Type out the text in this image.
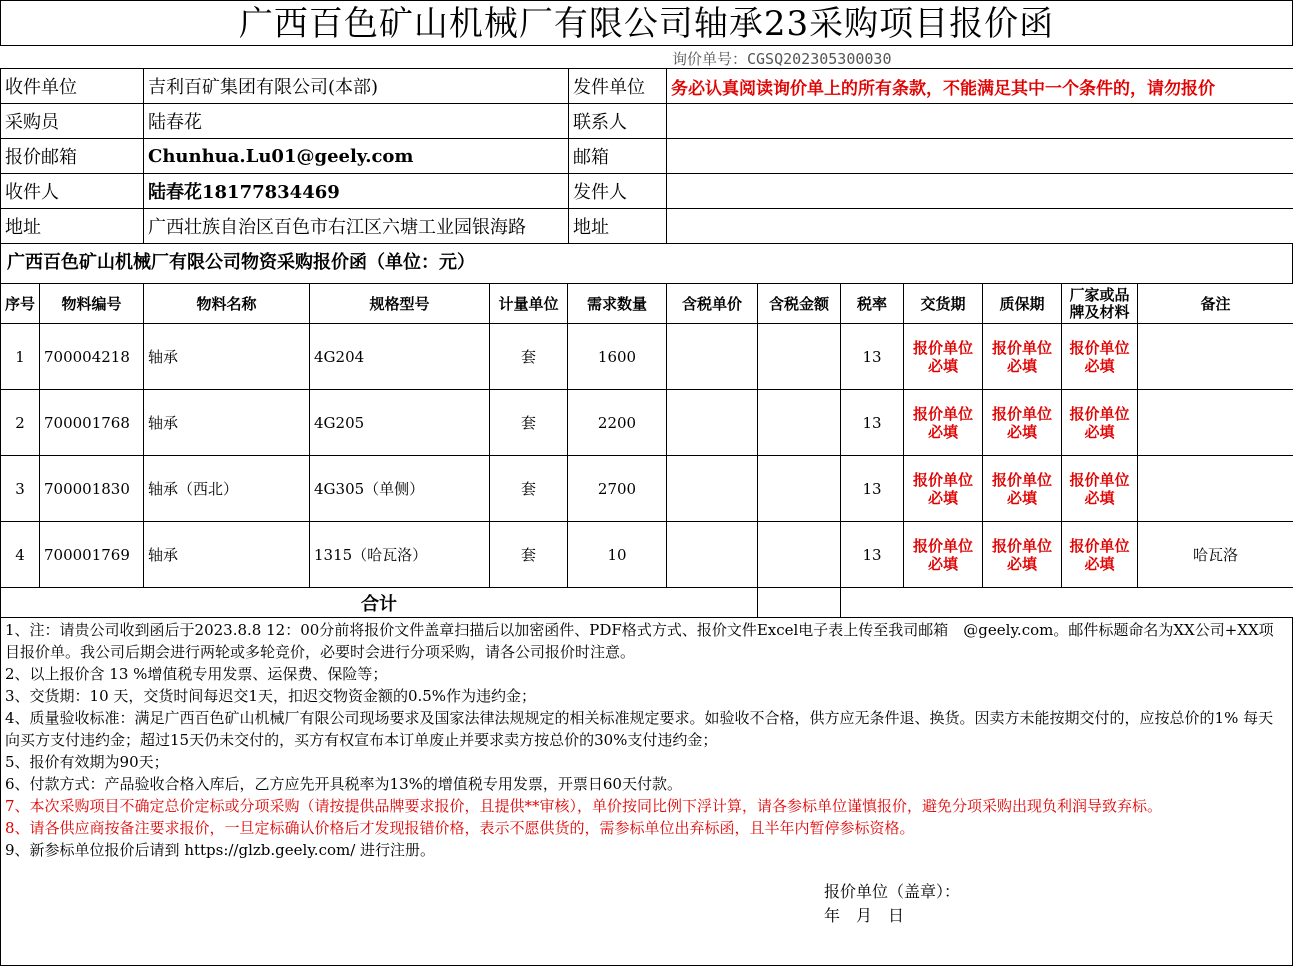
广西百色矿山机械厂有限公司轴承23采购项目报价函
询价单号：CGSQ202305300030
收件单位	吉利百矿集团有限公司(本部)	发件单位	务必认真阅读询价单上的所有条款，不能满足其中一个条件的，请勿报价
采购员	陆春花	联系人	
报价邮箱	Chunhua.Lu01@geely.com	邮箱	
收件人	陆春花18177834469	发件人	
地址	广西壮族自治区百色市右江区六塘工业园银海路	地址	
广西百色矿山机械厂有限公司物资采购报价函（单位：元）
序号	物料编号	物料名称	规格型号	计量单位	需求数量	含税单价	含税金额	税率	交货期	质保期	厂家或品牌及材料	备注
1	700004218	轴承	4G204	套	1600			13	报价单位必填	报价单位必填	报价单位必填	
2	700001768	轴承	4G205	套	2200			13	报价单位必填	报价单位必填	报价单位必填	
3	700001830	轴承（西北）	4G305（单侧）	套	2700			13	报价单位必填	报价单位必填	报价单位必填	
4	700001769	轴承	1315（哈瓦洛）	套	10			13	报价单位必填	报价单位必填	报价单位必填	哈瓦洛
合计												

1、注：请贵公司收到函后于2023.8.8 12：00分前将报价文件盖章扫描后以加密函件、PDF格式方式、报价文件Excel电子表上传至我司邮箱　@geely.com。邮件标题命名为XX公司+XX项目报价单。我公司后期会进行两轮或多轮竞价，必要时会进行分项采购，请各公司报价时注意。

2、以上报价含 13 %增值税专用发票、运保费、保险等；

3、交货期：10 天，交货时间每迟交1天，扣迟交物资金额的0.5%作为违约金；

4、质量验收标准：满足广西百色矿山机械厂有限公司现场要求及国家法律法规规定的相关标准规定要求。如验收不合格，供方应无条件退、换货。因卖方未能按期交付的，应按总价的1% 每天向买方支付违约金；超过15天仍未交付的，买方有权宣布本订单废止并要求卖方按总价的30%支付违约金；

5、报价有效期为90天；

6、付款方式：产品验收合格入库后，乙方应先开具税率为13%的增值税专用发票，开票日60天付款。

7、本次采购项目不确定总价定标或分项采购（请按提供品牌要求报价，且提供**审核），单价按同比例下浮计算，请各参标单位谨慎报价，避免分项采购出现负利润导致弃标。

8、请各供应商按备注要求报价，一旦定标确认价格后才发现报错价格，表示不愿供货的，需参标单位出弃标函，且半年内暂停参标资格。

9、新参标单位报价后请到 https://glzb.geely.com/ 进行注册。

报价单位（盖章）：
年　月　日
